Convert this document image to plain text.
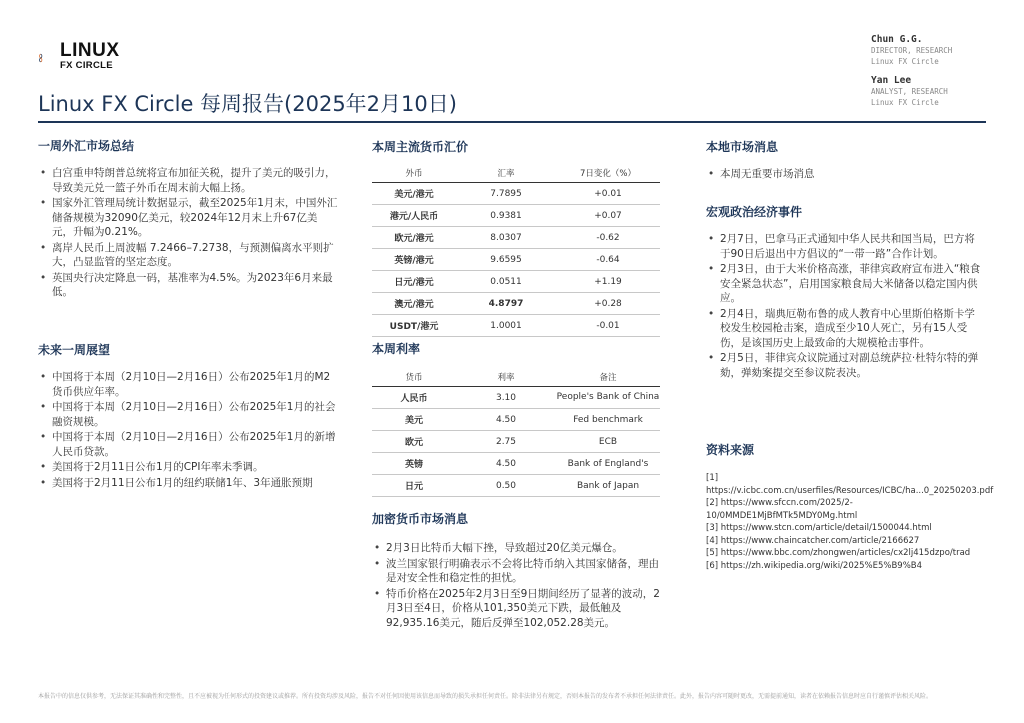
LINUX
FX CIRCLE
Linux FX Circle 每周报告(2025年2月10日)
Chun G.G.
DIRECTOR, RESEARCH
Linux FX Circle
Yan Lee
ANALYST, RESEARCH
Linux FX Circle
一周外汇市场总结
• 白宫重申特朗普总统将宣布加征关税，提升了美元的吸引力，导致美元兑一篮子外币在周末前大幅上扬。
• 国家外汇管理局统计数据显示，截至2025年1月末，中国外汇储备规模为32090亿美元，较2024年12月末上升67亿美元，升幅为0.21%。
• 离岸人民币上周波幅 7.2466–7.2738，与预测偏离水平则扩大，凸显监管的坚定态度。
• 英国央行决定降息一码，基准率为4.5%。为2023年6月来最低。
未来一周展望
• 中国将于本周（2月10日—2月16日）公布2025年1月的M2货币供应年率。
• 中国将于本周（2月10日—2月16日）公布2025年1月的社会融资规模。
• 中国将于本周（2月10日—2月16日）公布2025年1月的新增人民币贷款。
• 美国将于2月11日公布1月的CPI年率未季调。
• 美国将于2月11日公布1月的纽约联储1年、3年通胀预期
本周主流货币汇价
外币	汇率	7日变化（%）
美元/港元	7.7895	+0.01
港元/人民币	0.9381	+0.07
欧元/港元	8.0307	-0.62
英镑/港元	9.6595	-0.64
日元/港元	0.0511	+1.19
澳元/港元	4.8797	+0.28
USDT/港元	1.0001	-0.01
本周利率
货币	利率	备注
人民币	3.10	People's Bank of China
美元	4.50	Fed benchmark
欧元	2.75	ECB
英镑	4.50	Bank of England's
日元	0.50	Bank of Japan
加密货币市场消息
• 2月3日比特币大幅下挫，导致超过20亿美元爆仓。
• 波兰国家银行明确表示不会将比特币纳入其国家储备，理由是对安全性和稳定性的担忧。
• 特币价格在2025年2月3日至9日期间经历了显著的波动，2月3日至4日，价格从101,350美元下跌，最低触及92,935.16美元，随后反弹至102,052.28美元。
本地市场消息
• 本周无重要市场消息
宏观政治经济事件
• 2月7日，巴拿马正式通知中华人民共和国当局，巴方将于90日后退出中方倡议的“一带一路”合作计划。
• 2月3日，由于大米价格高涨，菲律宾政府宣布进入“粮食安全紧急状态”，启用国家粮食局大米储备以稳定国内供应。
• 2月4日，瑞典厄勒布鲁的成人教育中心里斯伯格斯卡学校发生校园枪击案，造成至少10人死亡，另有15人受伤，是该国历史上最致命的大规模枪击事件。
• 2月5日，菲律宾众议院通过对副总统萨拉·杜特尔特的弹劾，弹劾案提交至参议院表决。
资料来源
[1] https://v.icbc.com.cn/userfiles/Resources/ICBC/ha...0_20250203.pdf
[2] https://www.sfccn.com/2025/2-10/0MMDE1MjBfMTk5MDY0Mg.html
[3] https://www.stcn.com/article/detail/1500044.html
[4] https://www.chaincatcher.com/article/2166627
[5] https://www.bbc.com/zhongwen/articles/cx2lj415dzpo/trad
[6] https://zh.wikipedia.org/wiki/2025%E5%B9%B4
本报告中的信息仅供参考，无法保证其准确性和完整性，且不应被视为任何形式的投资建议或推荐。所有投资均涉及风险，报告不对任何因使用该信息而导致的损失承担任何责任。除非法律另有规定，否则本报告的发布者不承担任何法律责任。此外，报告内容可随时更改，无需提前通知，读者在依赖报告信息时应自行谨慎评估相关风险。
